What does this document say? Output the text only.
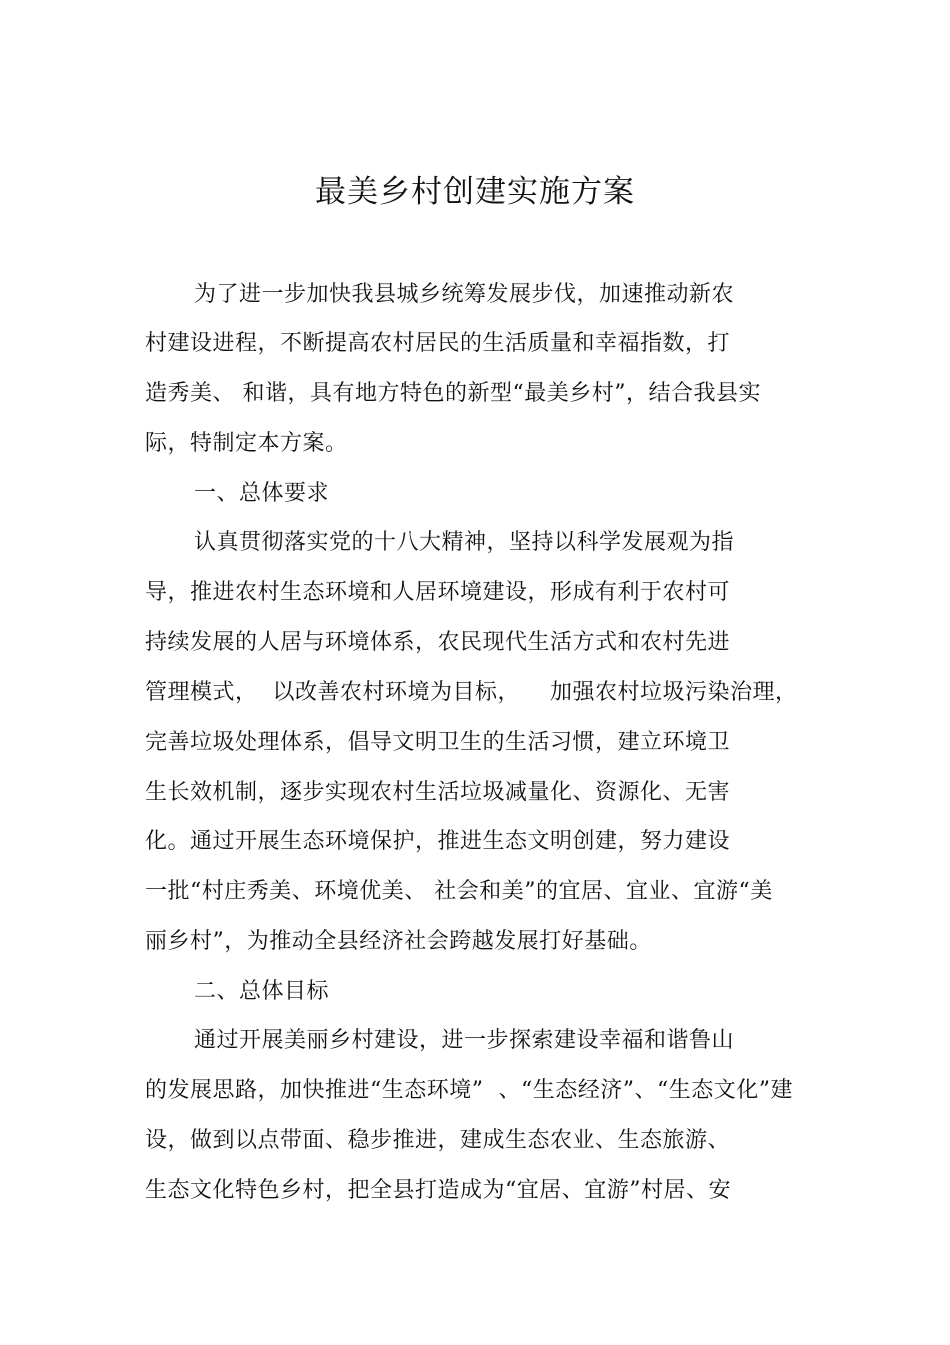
最美乡村创建实施方案
为了进一步加快我县城乡统筹发展步伐，加速推动新农
村建设进程，不断提高农村居民的生活质量和幸福指数，打
造秀美、 和谐，具有地方特色的新型“最美乡村”，结合我县实
际，特制定本方案。
一、总体要求
认真贯彻落实党的十八大精神，坚持以科学发展观为指
导，推进农村生态环境和人居环境建设，形成有利于农村可
持续发展的人居与环境体系，农民现代生活方式和农村先进
管理模式，  以改善农村环境为目标，    加强农村垃圾污染治理，
完善垃圾处理体系，倡导文明卫生的生活习惯，建立环境卫
生长效机制，逐步实现农村生活垃圾减量化、资源化、无害
化。通过开展生态环境保护，推进生态文明创建，努力建设
一批“村庄秀美、环境优美、 社会和美”的宜居、宜业、宜游“美
丽乡村”，为推动全县经济社会跨越发展打好基础。
二、总体目标
通过开展美丽乡村建设，进一步探索建设幸福和谐鲁山
的发展思路，加快推进“生态环境”  、“生态经济”、“生态文化”建
设，做到以点带面、稳步推进，建成生态农业、生态旅游、
生态文化特色乡村，把全县打造成为“宜居、宜游”村居、安
